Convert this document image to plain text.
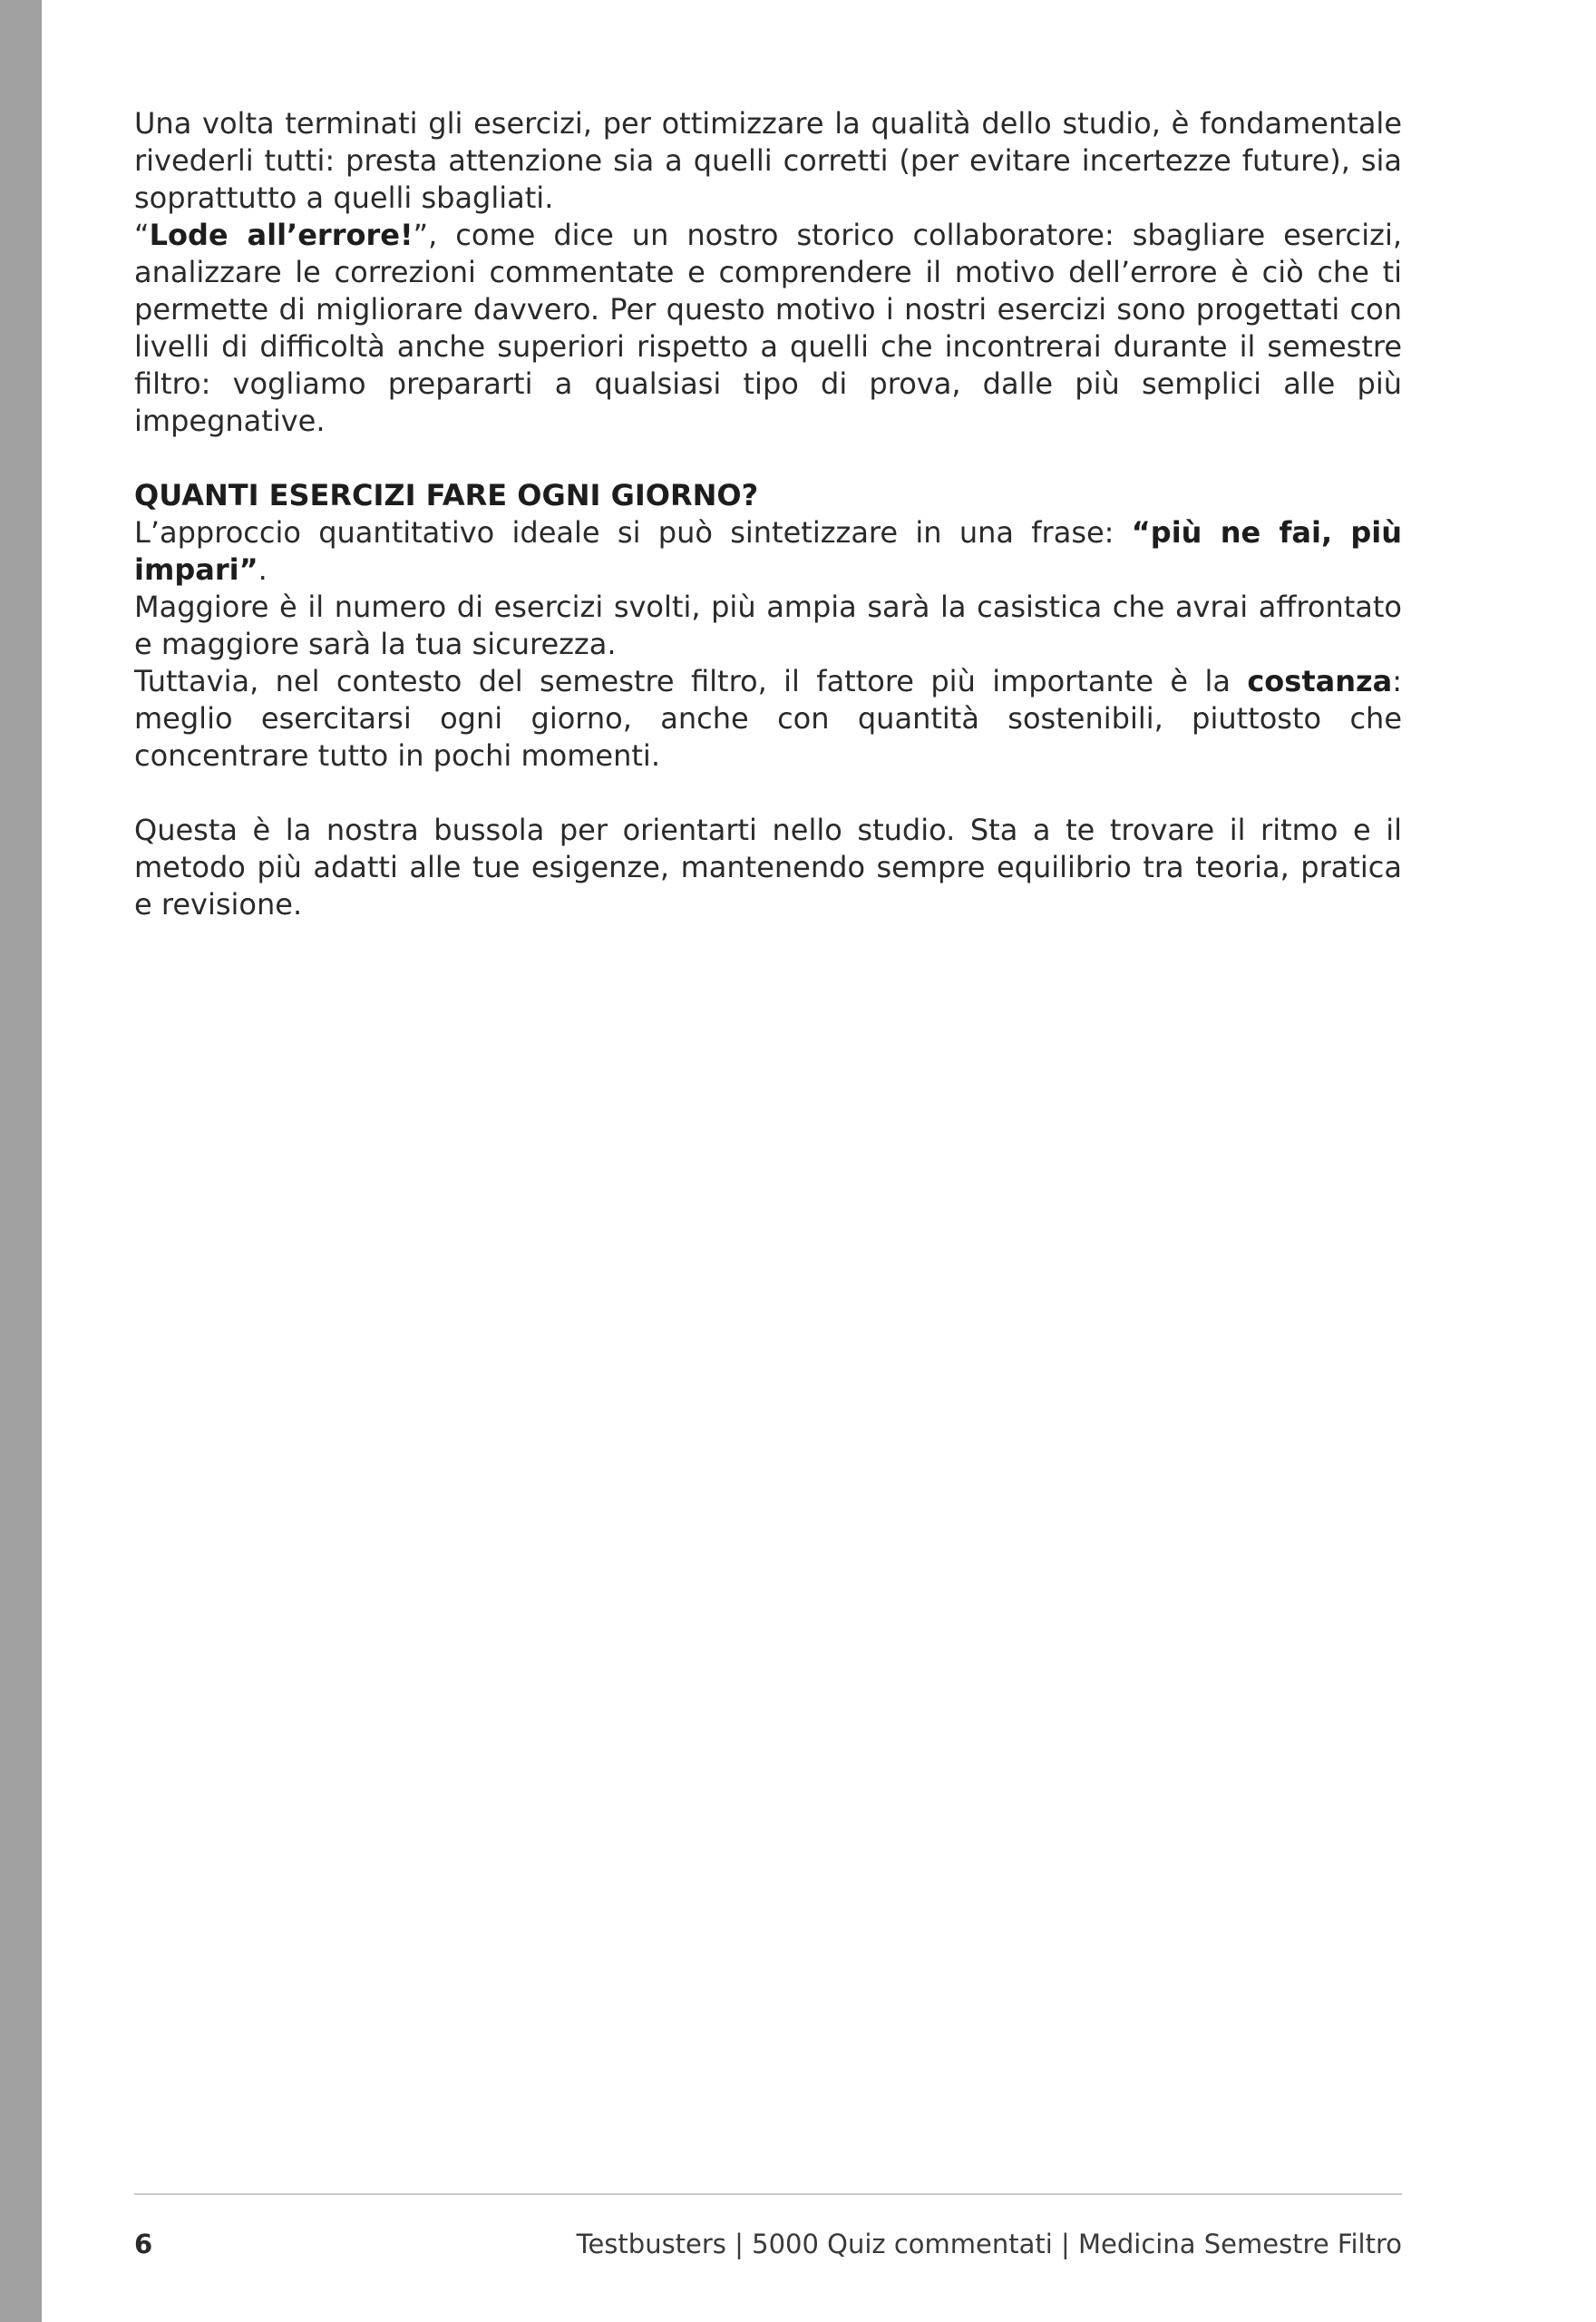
Una volta terminati gli esercizi, per ottimizzare la qualità dello studio, è fondamentale rivederli tutti: presta attenzione sia a quelli corretti (per evitare incertezze future), sia soprattutto a quelli sbagliati.

“Lode all’errore!”, come dice un nostro storico collaboratore: sbagliare esercizi, analizzare le correzioni commentate e comprendere il motivo dell’errore è ciò che ti permette di migliorare davvero. Per questo motivo i nostri esercizi sono progettati con livelli di difficoltà anche superiori rispetto a quelli che incontrerai durante il semestre filtro: vogliamo prepararti a qualsiasi tipo di prova, dalle più semplici alle più impegnative.

QUANTI ESERCIZI FARE OGNI GIORNO?

L’approccio quantitativo ideale si può sintetizzare in una frase: “più ne fai, più impari”.

Maggiore è il numero di esercizi svolti, più ampia sarà la casistica che avrai affrontato e maggiore sarà la tua sicurezza.

Tuttavia, nel contesto del semestre filtro, il fattore più importante è la costanza: meglio esercitarsi ogni giorno, anche con quantità sostenibili, piuttosto che concentrare tutto in pochi momenti.

Questa è la nostra bussola per orientarti nello studio. Sta a te trovare il ritmo e il metodo più adatti alle tue esigenze, mantenendo sempre equilibrio tra teoria, pratica e revisione.

6	Testbusters | 5000 Quiz commentati | Medicina Semestre Filtro
